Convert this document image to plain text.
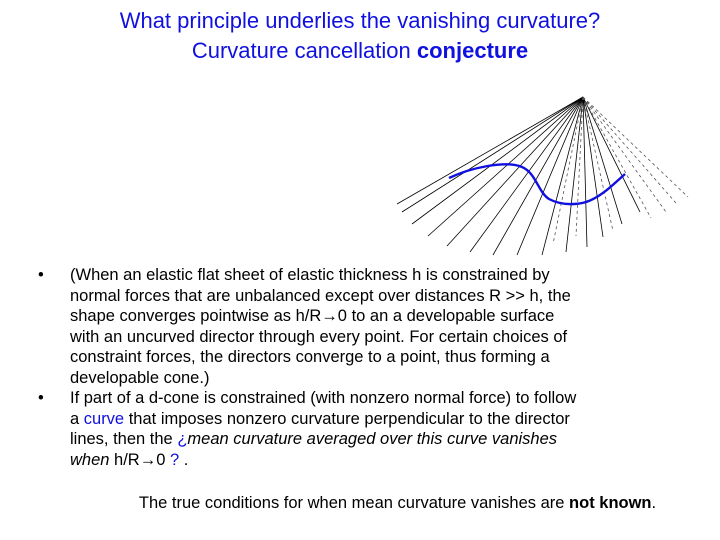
What principle underlies the vanishing curvature?
Curvature cancellation conjecture
• (When an elastic flat sheet of elastic thickness h is constrained by
normal forces that are unbalanced except over distances R >> h, the
shape converges pointwise as h/R→0 to an a developable surface
with an uncurved director through every point. For certain choices of
constraint forces, the directors converge to a point, thus forming a
developable cone.)
• If part of a d-cone is constrained (with nonzero normal force) to follow
a curve that imposes nonzero curvature perpendicular to the director
lines, then the ¿mean curvature averaged over this curve vanishes
when h/R→0 ? .
The true conditions for when mean curvature vanishes are not known.
